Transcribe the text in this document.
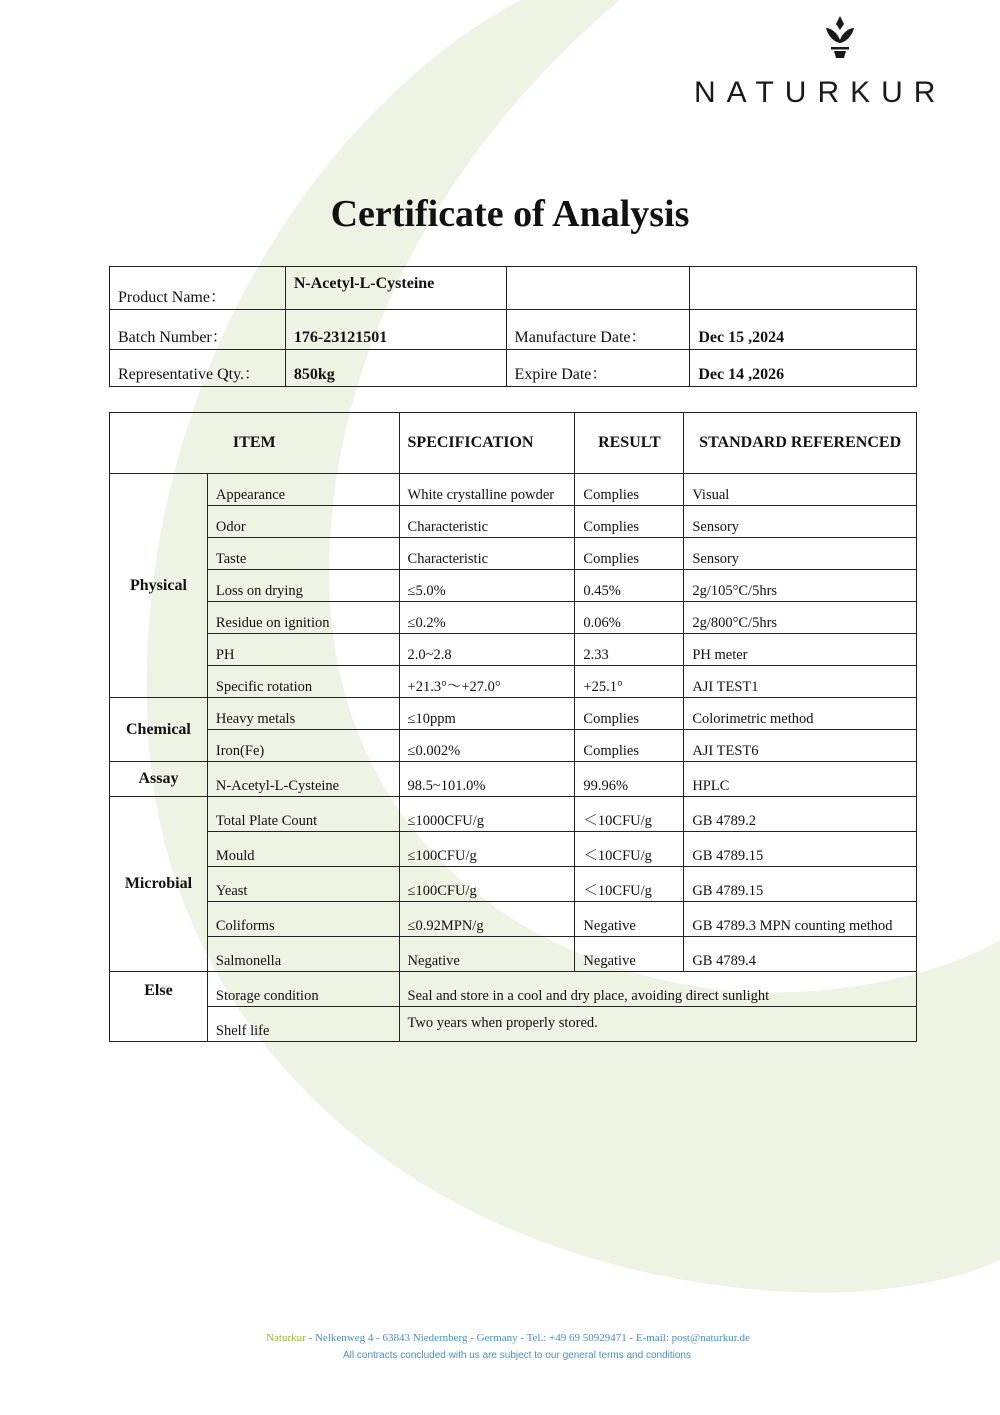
NATURKUR
Certificate of Analysis
Product Name：	N-Acetyl-L-Cysteine		
Batch Number：	176-23121501	Manufacture Date：	Dec 15 ,2024
Representative Qty.：	850kg	Expire Date：	Dec 14 ,2026
ITEM		SPECIFICATION	RESULT	STANDARD REFERENCED
Physical	Appearance	White crystalline powder	Complies	Visual
	Odor	Characteristic	Complies	Sensory
	Taste	Characteristic	Complies	Sensory
	Loss on drying	≤5.0%	0.45%	2g/105°C/5hrs
	Residue on ignition	≤0.2%	0.06%	2g/800°C/5hrs
	PH	2.0~2.8	2.33	PH meter
	Specific rotation	+21.3°～+27.0°	+25.1°	AJI TEST1
Chemical	Heavy metals	≤10ppm	Complies	Colorimetric method
	Iron(Fe)	≤0.002%	Complies	AJI TEST6
Assay	N-Acetyl-L-Cysteine	98.5~101.0%	99.96%	HPLC
Microbial	Total Plate Count	≤1000CFU/g	＜10CFU/g	GB 4789.2
	Mould	≤100CFU/g	＜10CFU/g	GB 4789.15
	Yeast	≤100CFU/g	＜10CFU/g	GB 4789.15
	Coliforms	≤0.92MPN/g	Negative	GB 4789.3 MPN counting method
	Salmonella	Negative	Negative	GB 4789.4
Else	Storage condition	Seal and store in a cool and dry place, avoiding direct sunlight		
	Shelf life	Two years when properly stored.		
Naturkur - Nelkenweg 4 - 63843 Niedernberg - Germany - Tel.: +49 69 50929471 - E-mail: post@naturkur.de
All contracts concluded with us are subject to our general terms and conditions
